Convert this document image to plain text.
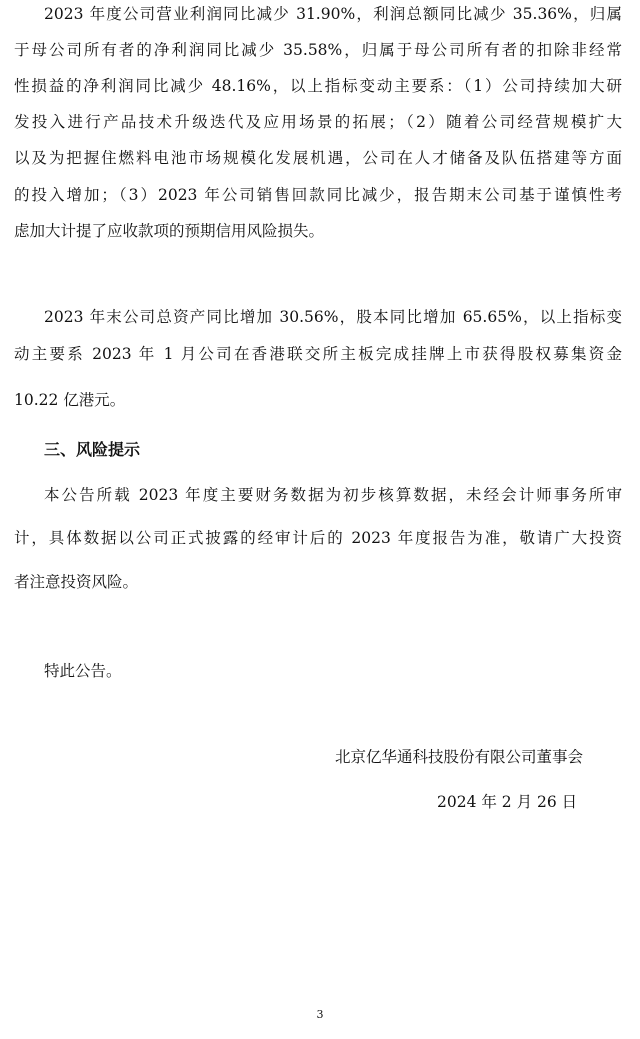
2023 年度公司营业利润同比减少 31.90%，利润总额同比减少 35.36%，归属
于母公司所有者的净利润同比减少 35.58%，归属于母公司所有者的扣除非经常
性损益的净利润同比减少 48.16%，以上指标变动主要系：（1）公司持续加大研
发投入进行产品技术升级迭代及应用场景的拓展；（2）随着公司经营规模扩大
以及为把握住燃料电池市场规模化发展机遇，公司在人才储备及队伍搭建等方面
的投入增加；（3）2023 年公司销售回款同比减少，报告期末公司基于谨慎性考
虑加大计提了应收款项的预期信用风险损失。
2023 年末公司总资产同比增加 30.56%，股本同比增加 65.65%，以上指标变
动主要系 2023 年 1 月公司在香港联交所主板完成挂牌上市获得股权募集资金
10.22 亿港元。
三、风险提示
本公告所载 2023 年度主要财务数据为初步核算数据，未经会计师事务所审
计，具体数据以公司正式披露的经审计后的 2023 年度报告为准，敬请广大投资
者注意投资风险。
特此公告。
北京亿华通科技股份有限公司董事会
2024 年 2 月 26 日
3
